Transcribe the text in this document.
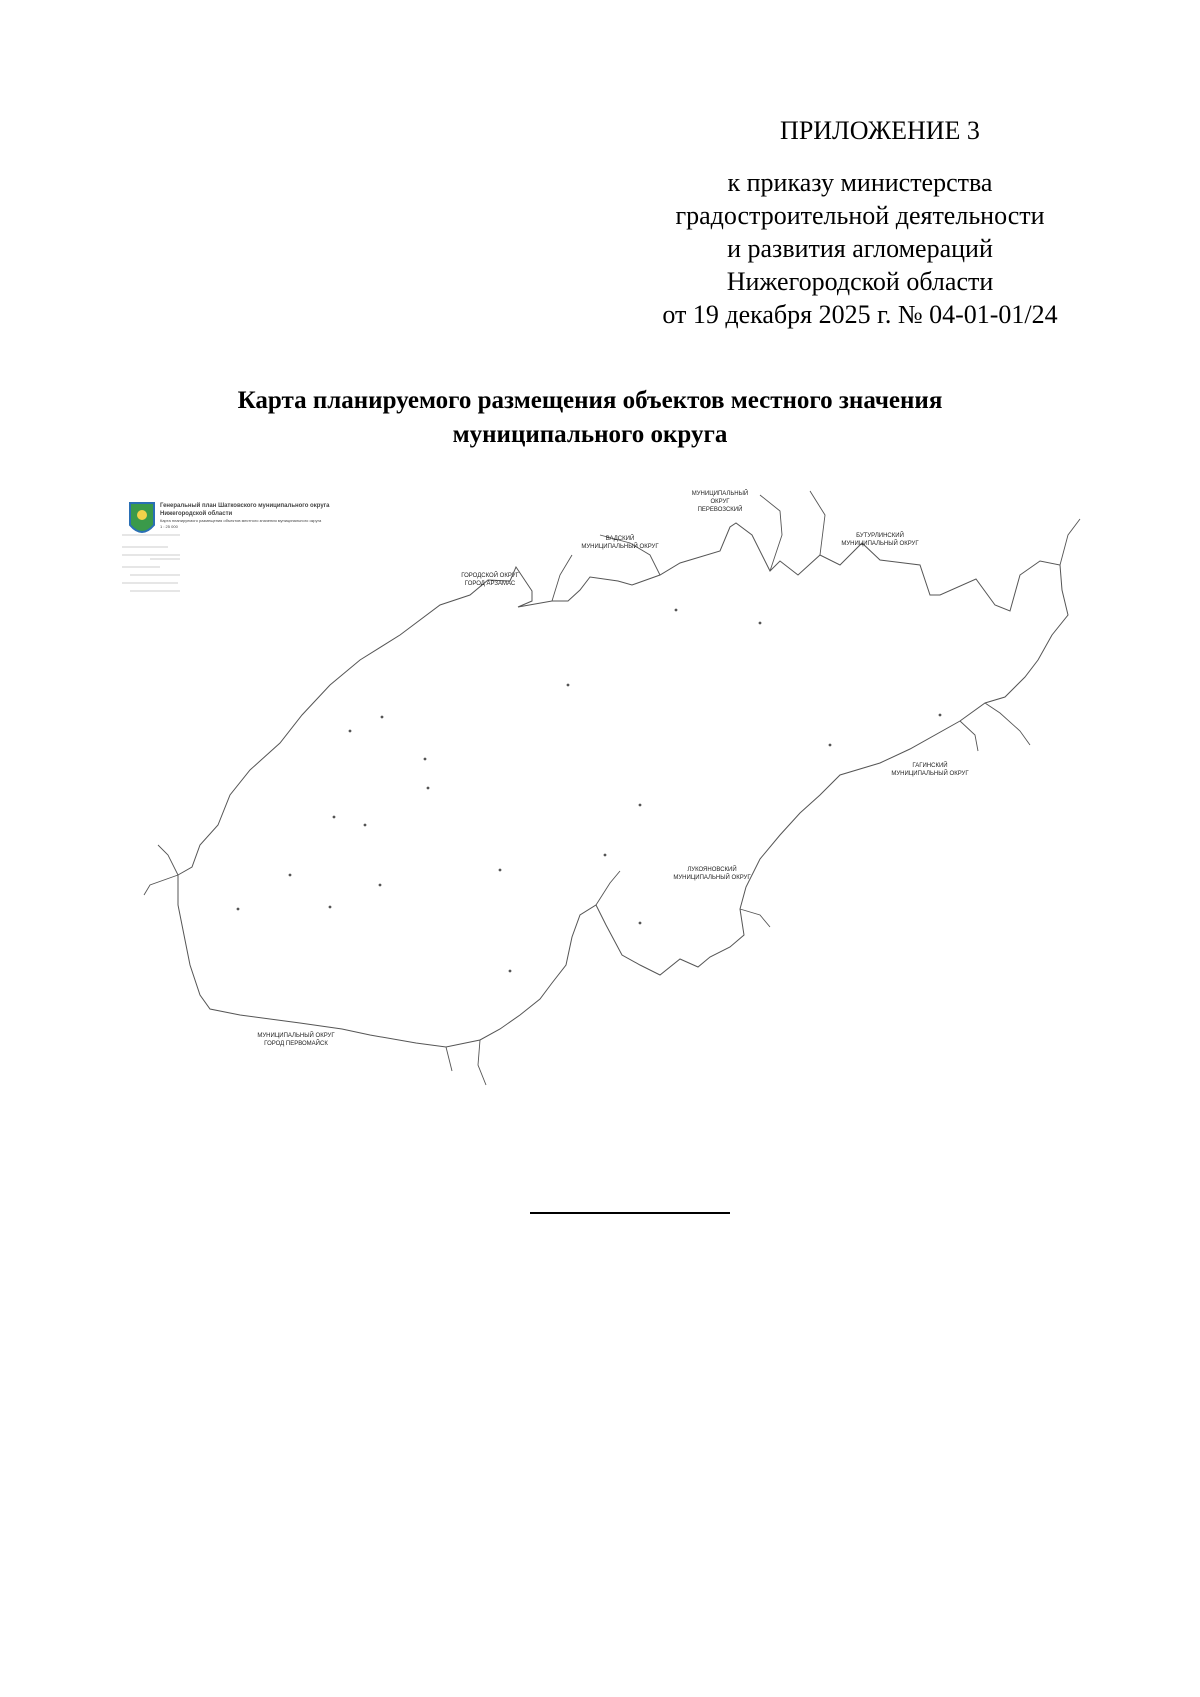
ПРИЛОЖЕНИЕ 3
к приказу министерства
градостроительной деятельности
и развития агломераций
Нижегородской области
от 19 декабря 2025 г. № 04-01-01/24
Карта планируемого размещения объектов местного значения
муниципального округа
Генеральный план Шатковского муниципального округа
Нижегородской области
Карта планируемого размещения объектов местного значения муниципального округа
1 : 25 000
МУНИЦИПАЛЬНЫЙ
ОКРУГ
ПЕРЕВОЗСКИЙ
ВАДСКИЙ
МУНИЦИПАЛЬНЫЙ ОКРУГ
БУТУРЛИНСКИЙ
МУНИЦИПАЛЬНЫЙ ОКРУГ
ГОРОДСКОЙ ОКРУГ
ГОРОД АРЗАМАС
ГАГИНСКИЙ
МУНИЦИПАЛЬНЫЙ ОКРУГ
ЛУКОЯНОВСКИЙ
МУНИЦИПАЛЬНЫЙ ОКРУГ
МУНИЦИПАЛЬНЫЙ ОКРУГ
ГОРОД ПЕРВОМАЙСК
